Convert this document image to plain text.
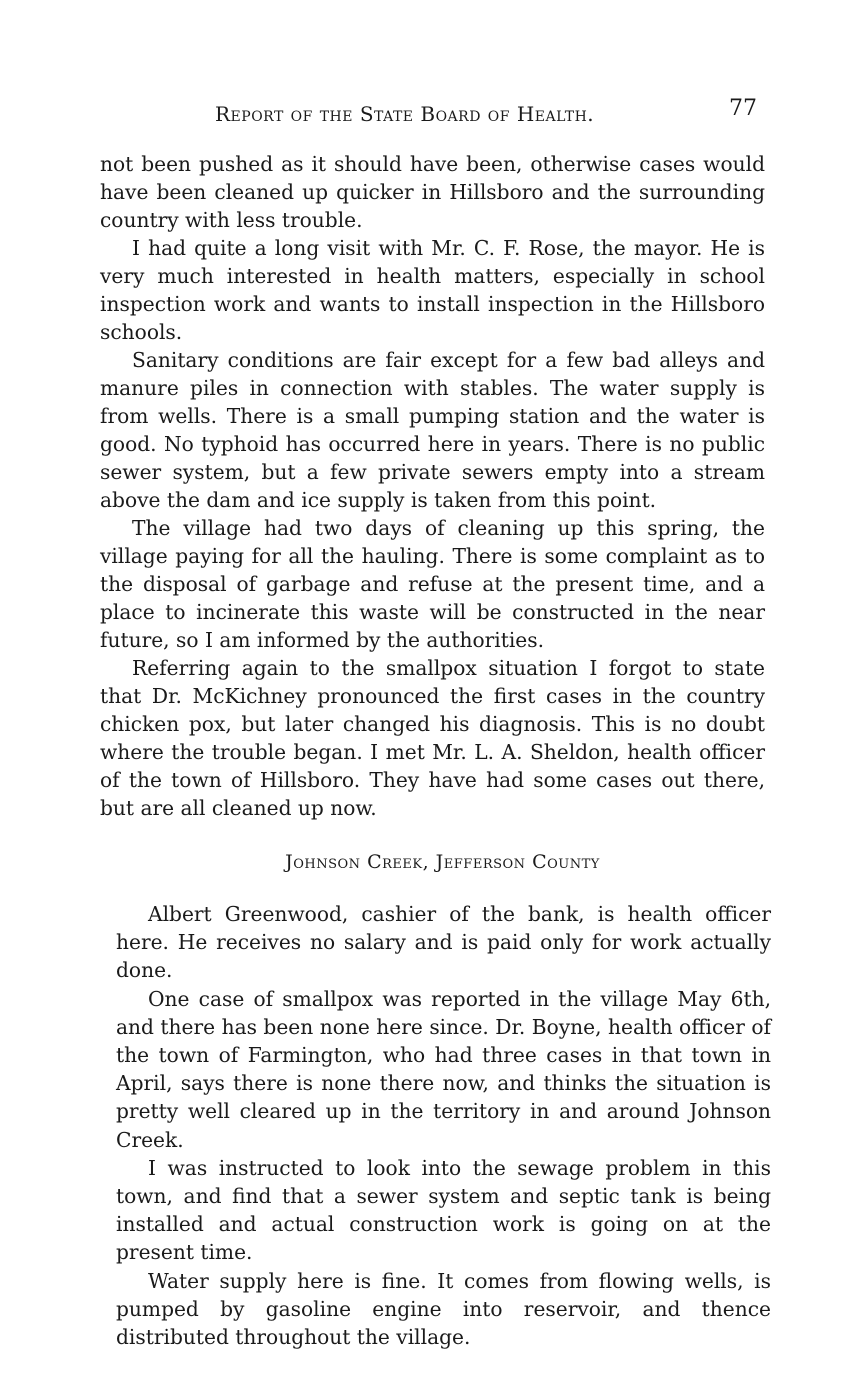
Report of the State Board of Health.	77

not been pushed as it should have been, otherwise cases would have been cleaned up quicker in Hillsboro and the surrounding country with less trouble.

I had quite a long visit with Mr. C. F. Rose, the mayor. He is very much interested in health matters, especially in school inspection work and wants to install inspection in the Hillsboro schools.

Sanitary conditions are fair except for a few bad alleys and manure piles in connection with stables. The water supply is from wells. There is a small pumping station and the water is good. No typhoid has occurred here in years. There is no public sewer system, but a few private sewers empty into a stream above the dam and ice supply is taken from this point.

The village had two days of cleaning up this spring, the village paying for all the hauling. There is some complaint as to the disposal of garbage and refuse at the present time, and a place to incinerate this waste will be constructed in the near future, so I am informed by the authorities.

Referring again to the smallpox situation I forgot to state that Dr. McKichney pronounced the first cases in the country chicken pox, but later changed his diagnosis. This is no doubt where the trouble began. I met Mr. L. A. Sheldon, health officer of the town of Hillsboro. They have had some cases out there, but are all cleaned up now.

Johnson Creek, Jefferson County

Albert Greenwood, cashier of the bank, is health officer here. He receives no salary and is paid only for work actually done.

One case of smallpox was reported in the village May 6th, and there has been none here since. Dr. Boyne, health officer of the town of Farmington, who had three cases in that town in April, says there is none there now, and thinks the situation is pretty well cleared up in the territory in and around Johnson Creek.

I was instructed to look into the sewage problem in this town, and find that a sewer system and septic tank is being installed and actual construction work is going on at the present time.

Water supply here is fine. It comes from flowing wells, is pumped by gasoline engine into reservoir, and thence distributed throughout the village.
